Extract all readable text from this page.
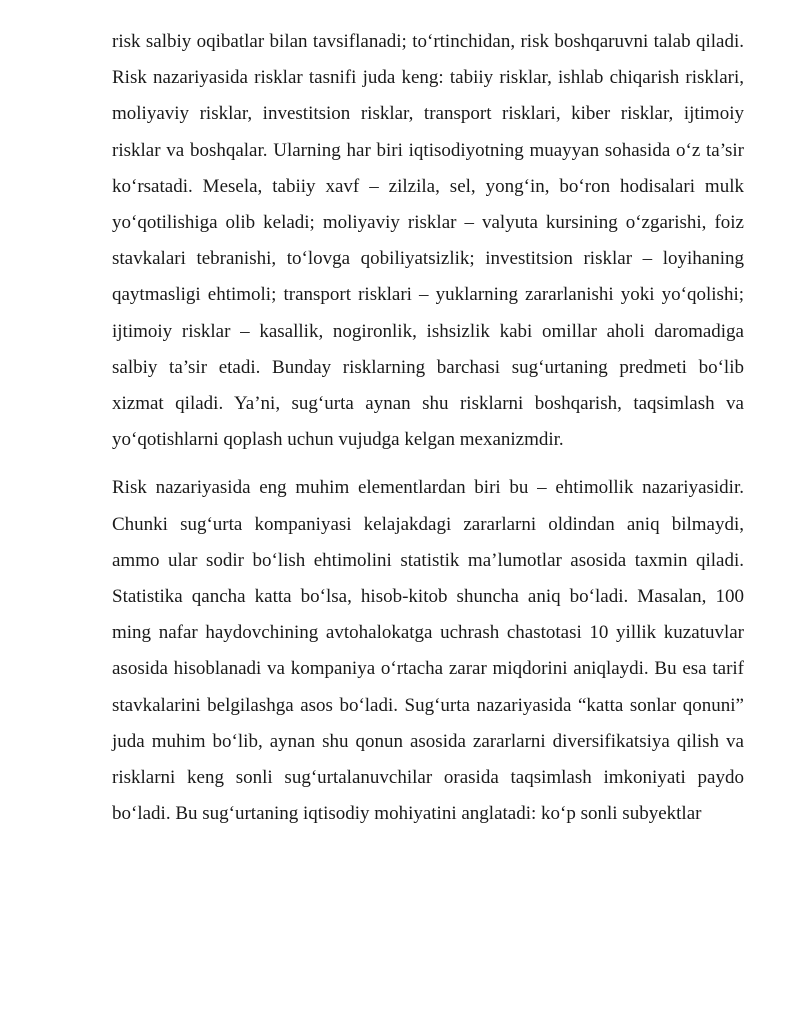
risk salbiy oqibatlar bilan tavsiflanadi; to‘rtinchidan, risk boshqaruvni talab qiladi. Risk nazariyasida risklar tasnifi juda keng: tabiiy risklar, ishlab chiqarish risklari, moliyaviy risklar, investitsion risklar, transport risklari, kiber risklar, ijtimoiy risklar va boshqalar. Ularning har biri iqtisodiyotning muayyan sohasida o‘z ta’sir ko‘rsatadi. Mesela, tabiiy xavf – zilzila, sel, yong‘in, bo‘ron hodisalari mulk yo‘qotilishiga olib keladi; moliyaviy risklar – valyuta kursining o‘zgarishi, foiz stavkalari tebranishi, to‘lovga qobiliyatsizlik; investitsion risklar – loyihaning qaytmasligi ehtimoli; transport risklari – yuklarning zararlanishi yoki yo‘qolishi; ijtimoiy risklar – kasallik, nogironlik, ishsizlik kabi omillar aholi daromadiga salbiy ta’sir etadi. Bunday risklarning barchasi sug‘urtaning predmeti bo‘lib xizmat qiladi. Ya’ni, sug‘urta aynan shu risklarni boshqarish, taqsimlash va yo‘qotishlarni qoplash uchun vujudga kelgan mexanizmdir.

Risk nazariyasida eng muhim elementlardan biri bu – ehtimollik nazariyasidir. Chunki sug‘urta kompaniyasi kelajakdagi zararlarni oldindan aniq bilmaydi, ammo ular sodir bo‘lish ehtimolini statistik ma’lumotlar asosida taxmin qiladi. Statistika qancha katta bo‘lsa, hisob-kitob shuncha aniq bo‘ladi. Masalan, 100 ming nafar haydovchining avtohalokatga uchrash chastotasi 10 yillik kuzatuvlar asosida hisoblanadi va kompaniya o‘rtacha zarar miqdorini aniqlaydi. Bu esa tarif stavkalarini belgilashga asos bo‘ladi. Sug‘urta nazariyasida “katta sonlar qonuni” juda muhim bo‘lib, aynan shu qonun asosida zararlarni diversifikatsiya qilish va risklarni keng sonli sug‘urtalanuvchilar orasida taqsimlash imkoniyati paydo bo‘ladi. Bu sug‘urtaning iqtisodiy mohiyatini anglatadi: ko‘p sonli subyektlar
